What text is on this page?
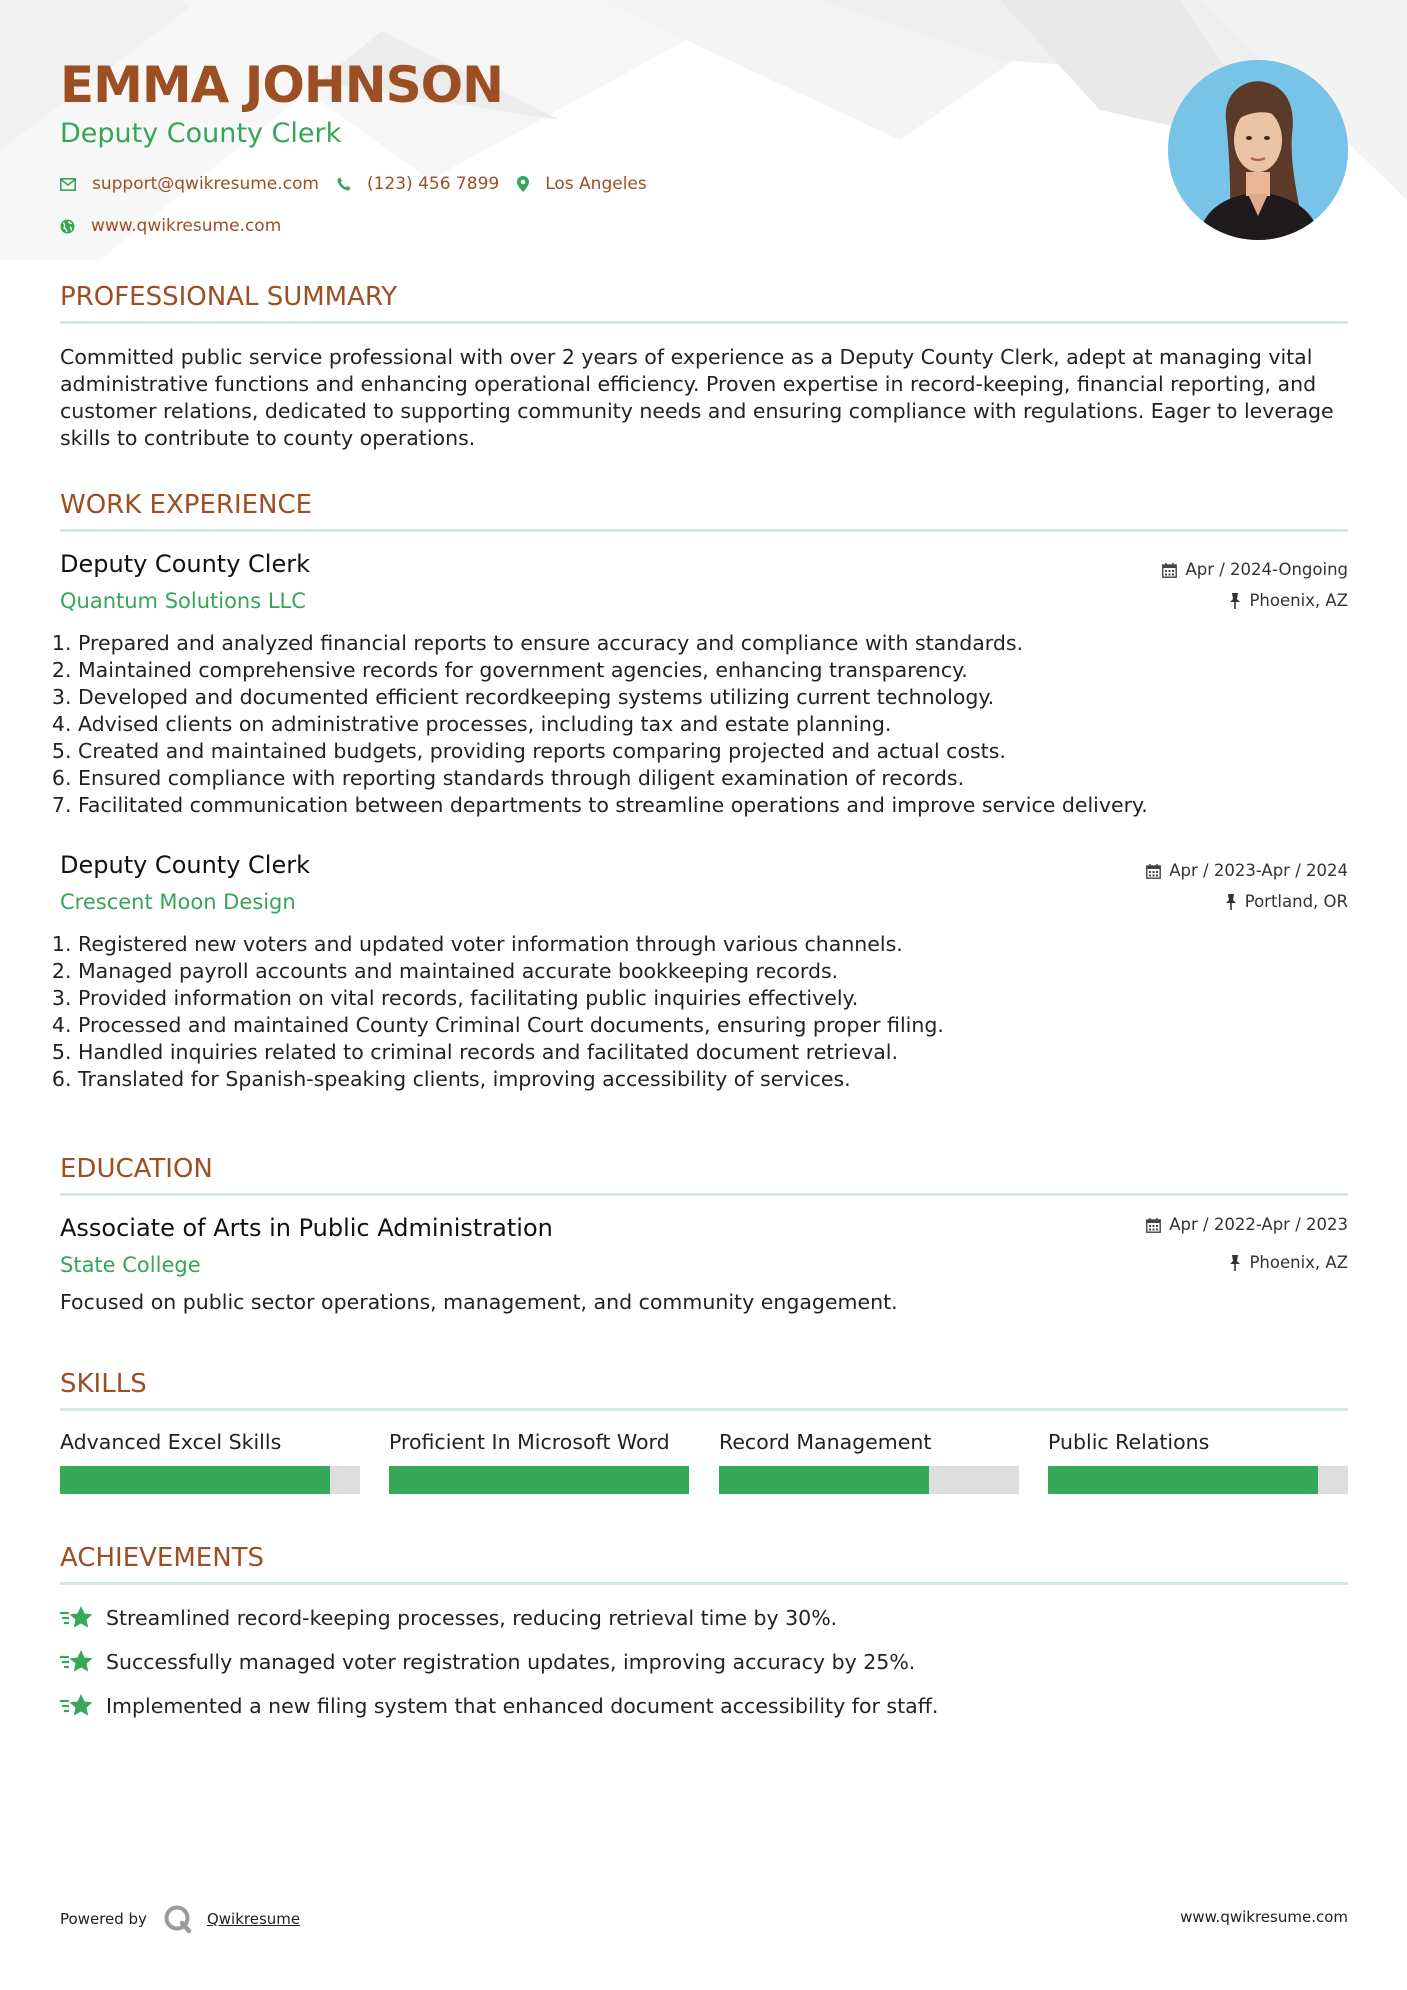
EMMA JOHNSON
Deputy County Clerk
support@qwikresume.com	(123) 456 7899	Los Angeles
www.qwikresume.com
PROFESSIONAL SUMMARY
Committed public service professional with over 2 years of experience as a Deputy County Clerk, adept at managing vital administrative functions and enhancing operational efficiency. Proven expertise in record-keeping, financial reporting, and customer relations, dedicated to supporting community needs and ensuring compliance with regulations. Eager to leverage skills to contribute to county operations.
WORK EXPERIENCE
Deputy County Clerk
Quantum Solutions LLC
Apr / 2024-Ongoing
Phoenix, AZ
1. Prepared and analyzed financial reports to ensure accuracy and compliance with standards.
2. Maintained comprehensive records for government agencies, enhancing transparency.
3. Developed and documented efficient recordkeeping systems utilizing current technology.
4. Advised clients on administrative processes, including tax and estate planning.
5. Created and maintained budgets, providing reports comparing projected and actual costs.
6. Ensured compliance with reporting standards through diligent examination of records.
7. Facilitated communication between departments to streamline operations and improve service delivery.
Deputy County Clerk
Crescent Moon Design
Apr / 2023-Apr / 2024
Portland, OR
1. Registered new voters and updated voter information through various channels.
2. Managed payroll accounts and maintained accurate bookkeeping records.
3. Provided information on vital records, facilitating public inquiries effectively.
4. Processed and maintained County Criminal Court documents, ensuring proper filing.
5. Handled inquiries related to criminal records and facilitated document retrieval.
6. Translated for Spanish-speaking clients, improving accessibility of services.
EDUCATION
Associate of Arts in Public Administration
State College
Apr / 2022-Apr / 2023
Phoenix, AZ
Focused on public sector operations, management, and community engagement.
SKILLS
Advanced Excel Skills	Proficient In Microsoft Word	Record Management	Public Relations
ACHIEVEMENTS
Streamlined record-keeping processes, reducing retrieval time by 30%.
Successfully managed voter registration updates, improving accuracy by 25%.
Implemented a new filing system that enhanced document accessibility for staff.
Powered by	Qwikresume	www.qwikresume.com
